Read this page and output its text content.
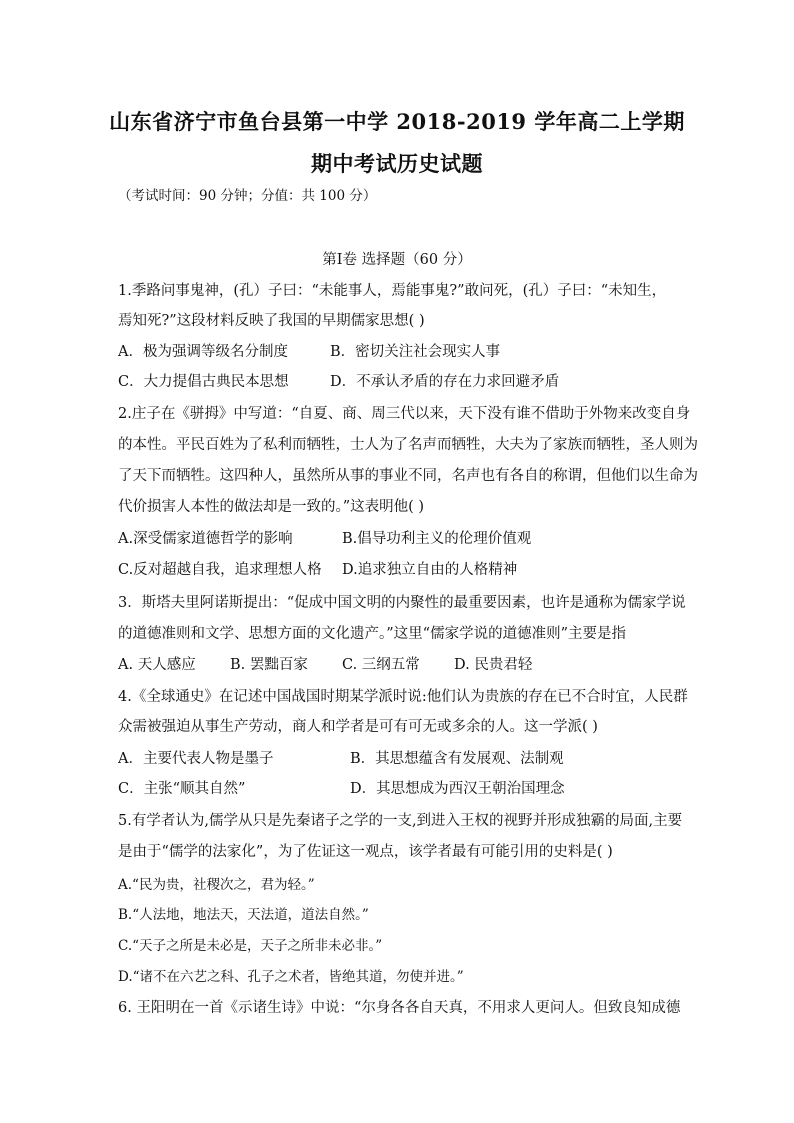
山东省济宁市鱼台县第一中学 2018-2019 学年高二上学期
期中考试历史试题
（考试时间：90 分钟；分值：共 100 分）
第Ⅰ卷 选择题（60 分）
1.季路问事鬼神，(孔）子曰：“未能事人，焉能事鬼?”敢问死，(孔）子曰：“未知生，
焉知死?”这段材料反映了我国的早期儒家思想( )
A．极为强调等级名分制度	B．密切关注社会现实人事
C．大力提倡古典民本思想	D．不承认矛盾的存在力求回避矛盾
2.庄子在《骈拇》中写道：“自夏、商、周三代以来，天下没有谁不借助于外物来改变自身
的本性。平民百姓为了私利而牺牲，士人为了名声而牺牲，大夫为了家族而牺牲，圣人则为
了天下而牺牲。这四种人，虽然所从事的事业不同，名声也有各自的称谓，但他们以生命为
代价损害人本性的做法却是一致的。”这表明他( )
A.深受儒家道德哲学的影响	B.倡导功利主义的伦理价值观
C.反对超越自我，追求理想人格 D.追求独立自由的人格精神
3．斯塔夫里阿诺斯提出：“促成中国文明的内聚性的最重要因素，也许是通称为儒家学说
的道德准则和文学、思想方面的文化遗产。”这里“儒家学说的道德准则”主要是指
A. 天人感应 B. 罢黜百家 C. 三纲五常 D. 民贵君轻
4.《全球通史》在记述中国战国时期某学派时说:他们认为贵族的存在已不合时宜，人民群
众需被强迫从事生产劳动，商人和学者是可有可无或多余的人。这一学派( )
A．主要代表人物是墨子	B．其思想蕴含有发展观、法制观
C．主张“顺其自然”	D．其思想成为西汉王朝治国理念
5.有学者认为,儒学从只是先秦诸子之学的一支,到进入王权的视野并形成独霸的局面,主要
是由于“儒学的法家化”，为了佐证这一观点，该学者最有可能引用的史料是( )
A.“民为贵，社稷次之，君为轻。”
B.“人法地，地法天，天法道，道法自然。”
C.“天子之所是未必是，天子之所非未必非。”
D.“诸不在六艺之科、孔子之术者，皆绝其道，勿使并进。”
6. 王阳明在一首《示诸生诗》中说：“尔身各各自天真，不用求人更问人。但致良知成德
